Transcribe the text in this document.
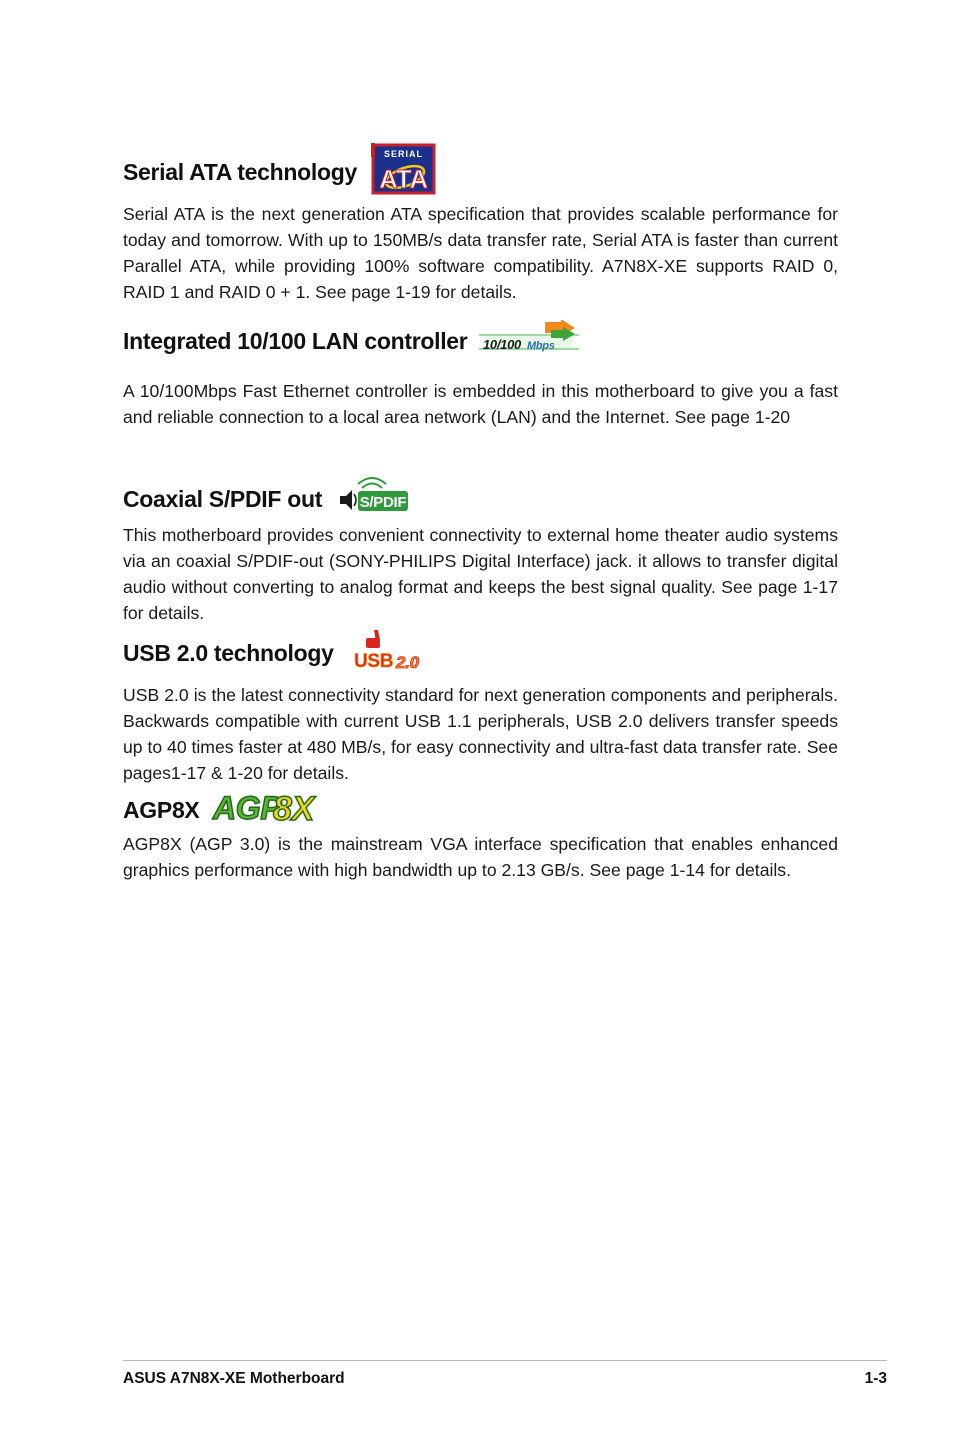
Serial ATA technology
SERIAL
ATA

Serial ATA is the next generation ATA specification that provides scalable performance for today and tomorrow. With up to 150MB/s data transfer rate, Serial ATA is faster than current Parallel ATA, while providing 100% software compatibility. A7N8X-XE supports RAID 0, RAID 1 and RAID 0 + 1. See page 1-19 for details.

Integrated 10/100 LAN controller 10/100 Mbps

A 10/100Mbps Fast Ethernet controller is embedded in this motherboard to give you a fast and reliable connection to a local area network (LAN) and the Internet. See page 1-20

Coaxial S/PDIF out	S/PDIF

This motherboard provides convenient connectivity to external home theater audio systems via an coaxial S/PDIF-out (SONY-PHILIPS Digital Interface) jack. it allows to transfer digital audio without converting to analog format and keeps the best signal quality. See page 1-17 for details.

USB 2.0 technology USB 2.0

USB 2.0 is the latest connectivity standard for next generation components and peripherals. Backwards compatible with current USB 1.1 peripherals, USB 2.0 delivers transfer speeds up to 40 times faster at 480 MB/s, for easy connectivity and ultra-fast data transfer rate. See pages1-17 & 1-20 for details.

AGP8X AGP
8X

AGP8X (AGP 3.0) is the mainstream VGA interface specification that enables enhanced graphics performance with high bandwidth up to 2.13 GB/s. See page 1-14 for details.

ASUS A7N8X-XE Motherboard	1-3
